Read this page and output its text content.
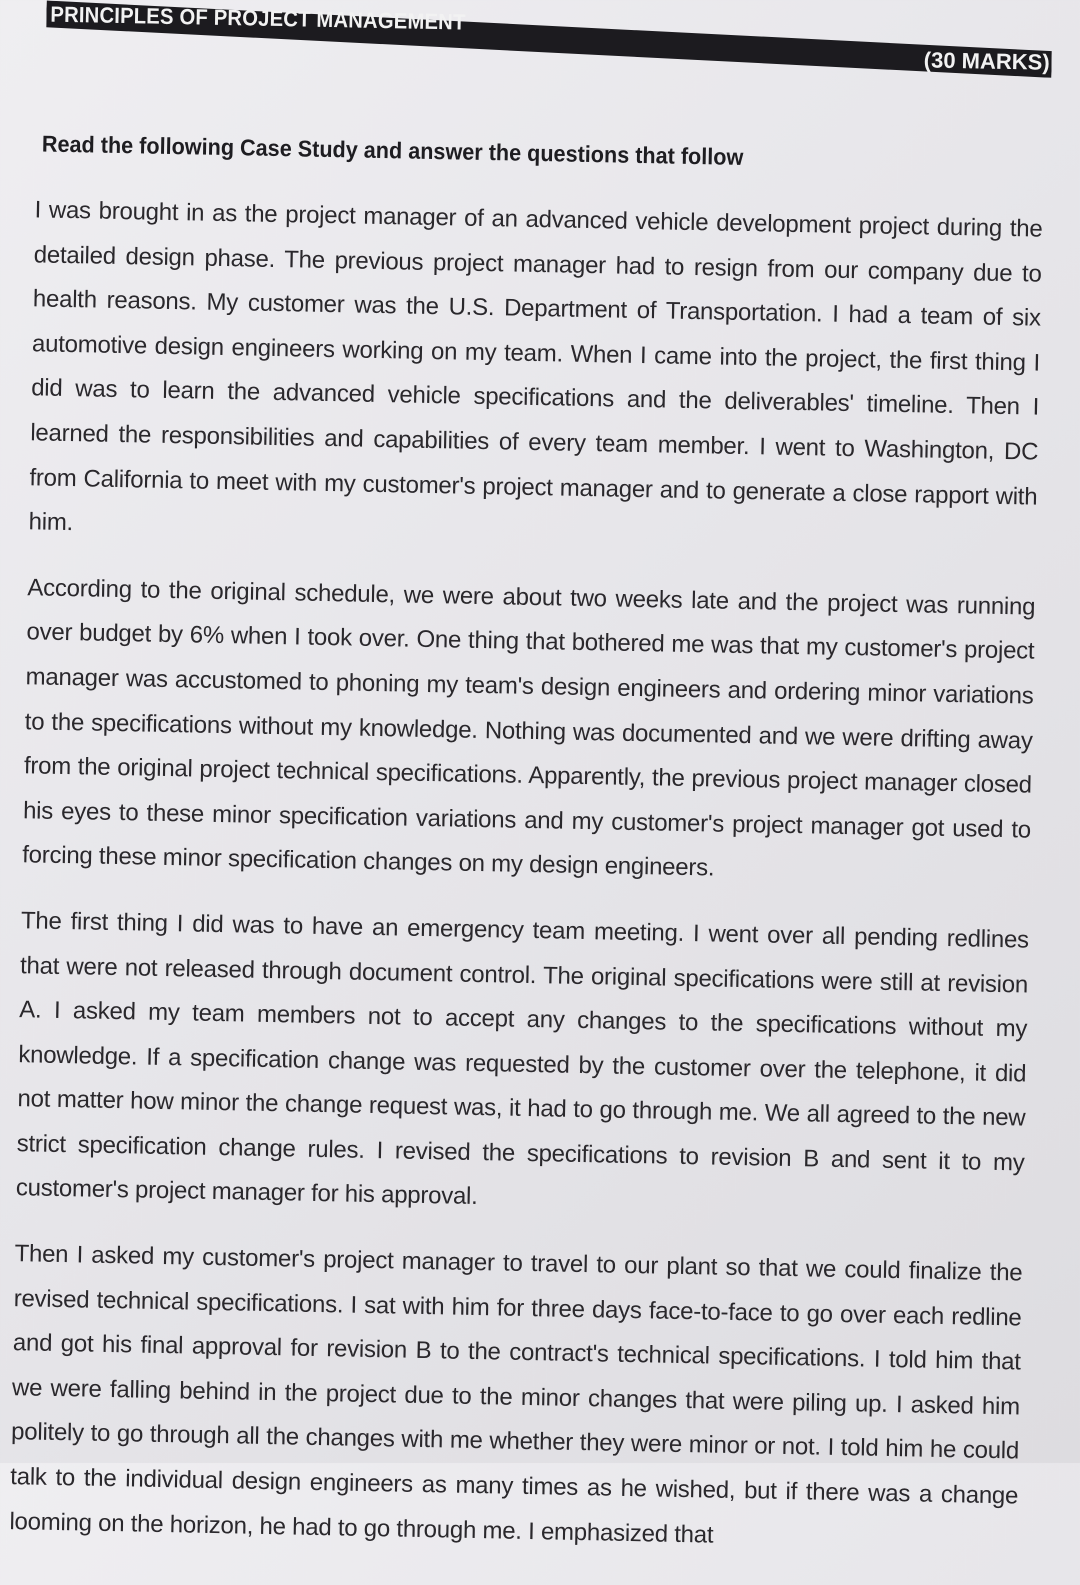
PRINCIPLES OF PROJECT MANAGEMENT
(30 MARKS)
Read the following Case Study and answer the questions that follow

I was brought in as the project manager of an advanced vehicle development project during the detailed design phase. The previous project manager had to resign from our company due to health reasons. My customer was the U.S. Department of Transportation. I had a team of six automotive design engineers working on my team. When I came into the project, the first thing I did was to learn the advanced vehicle specifications and the deliverables' timeline. Then I learned the responsibilities and capabilities of every team member. I went to Washington, DC from California to meet with my customer's project manager and to generate a close rapport with him.

According to the original schedule, we were about two weeks late and the project was running over budget by 6% when I took over. One thing that bothered me was that my customer's project manager was accustomed to phoning my team's design engineers and ordering minor variations to the specifications without my knowledge. Nothing was documented and we were drifting away from the original project technical specifications. Apparently, the previous project manager closed his eyes to these minor specification variations and my customer's project manager got used to forcing these minor specification changes on my design engineers.

The first thing I did was to have an emergency team meeting. I went over all pending redlines that were not released through document control. The original specifications were still at revision A. I asked my team members not to accept any changes to the specifications without my knowledge. If a specification change was requested by the customer over the telephone, it did not matter how minor the change request was, it had to go through me. We all agreed to the new strict specification change rules. I revised the specifications to revision B and sent it to my customer's project manager for his approval.

Then I asked my customer's project manager to travel to our plant so that we could finalize the revised technical specifications. I sat with him for three days face-to-face to go over each redline and got his final approval for revision B to the contract's technical specifications. I told him that we were falling behind in the project due to the minor changes that were piling up. I asked him politely to go through all the changes with me whether they were minor or not. I told him he could talk to the individual design engineers as many times as he wished, but if there was a change looming on the horizon, he had to go through me. I emphasized that
